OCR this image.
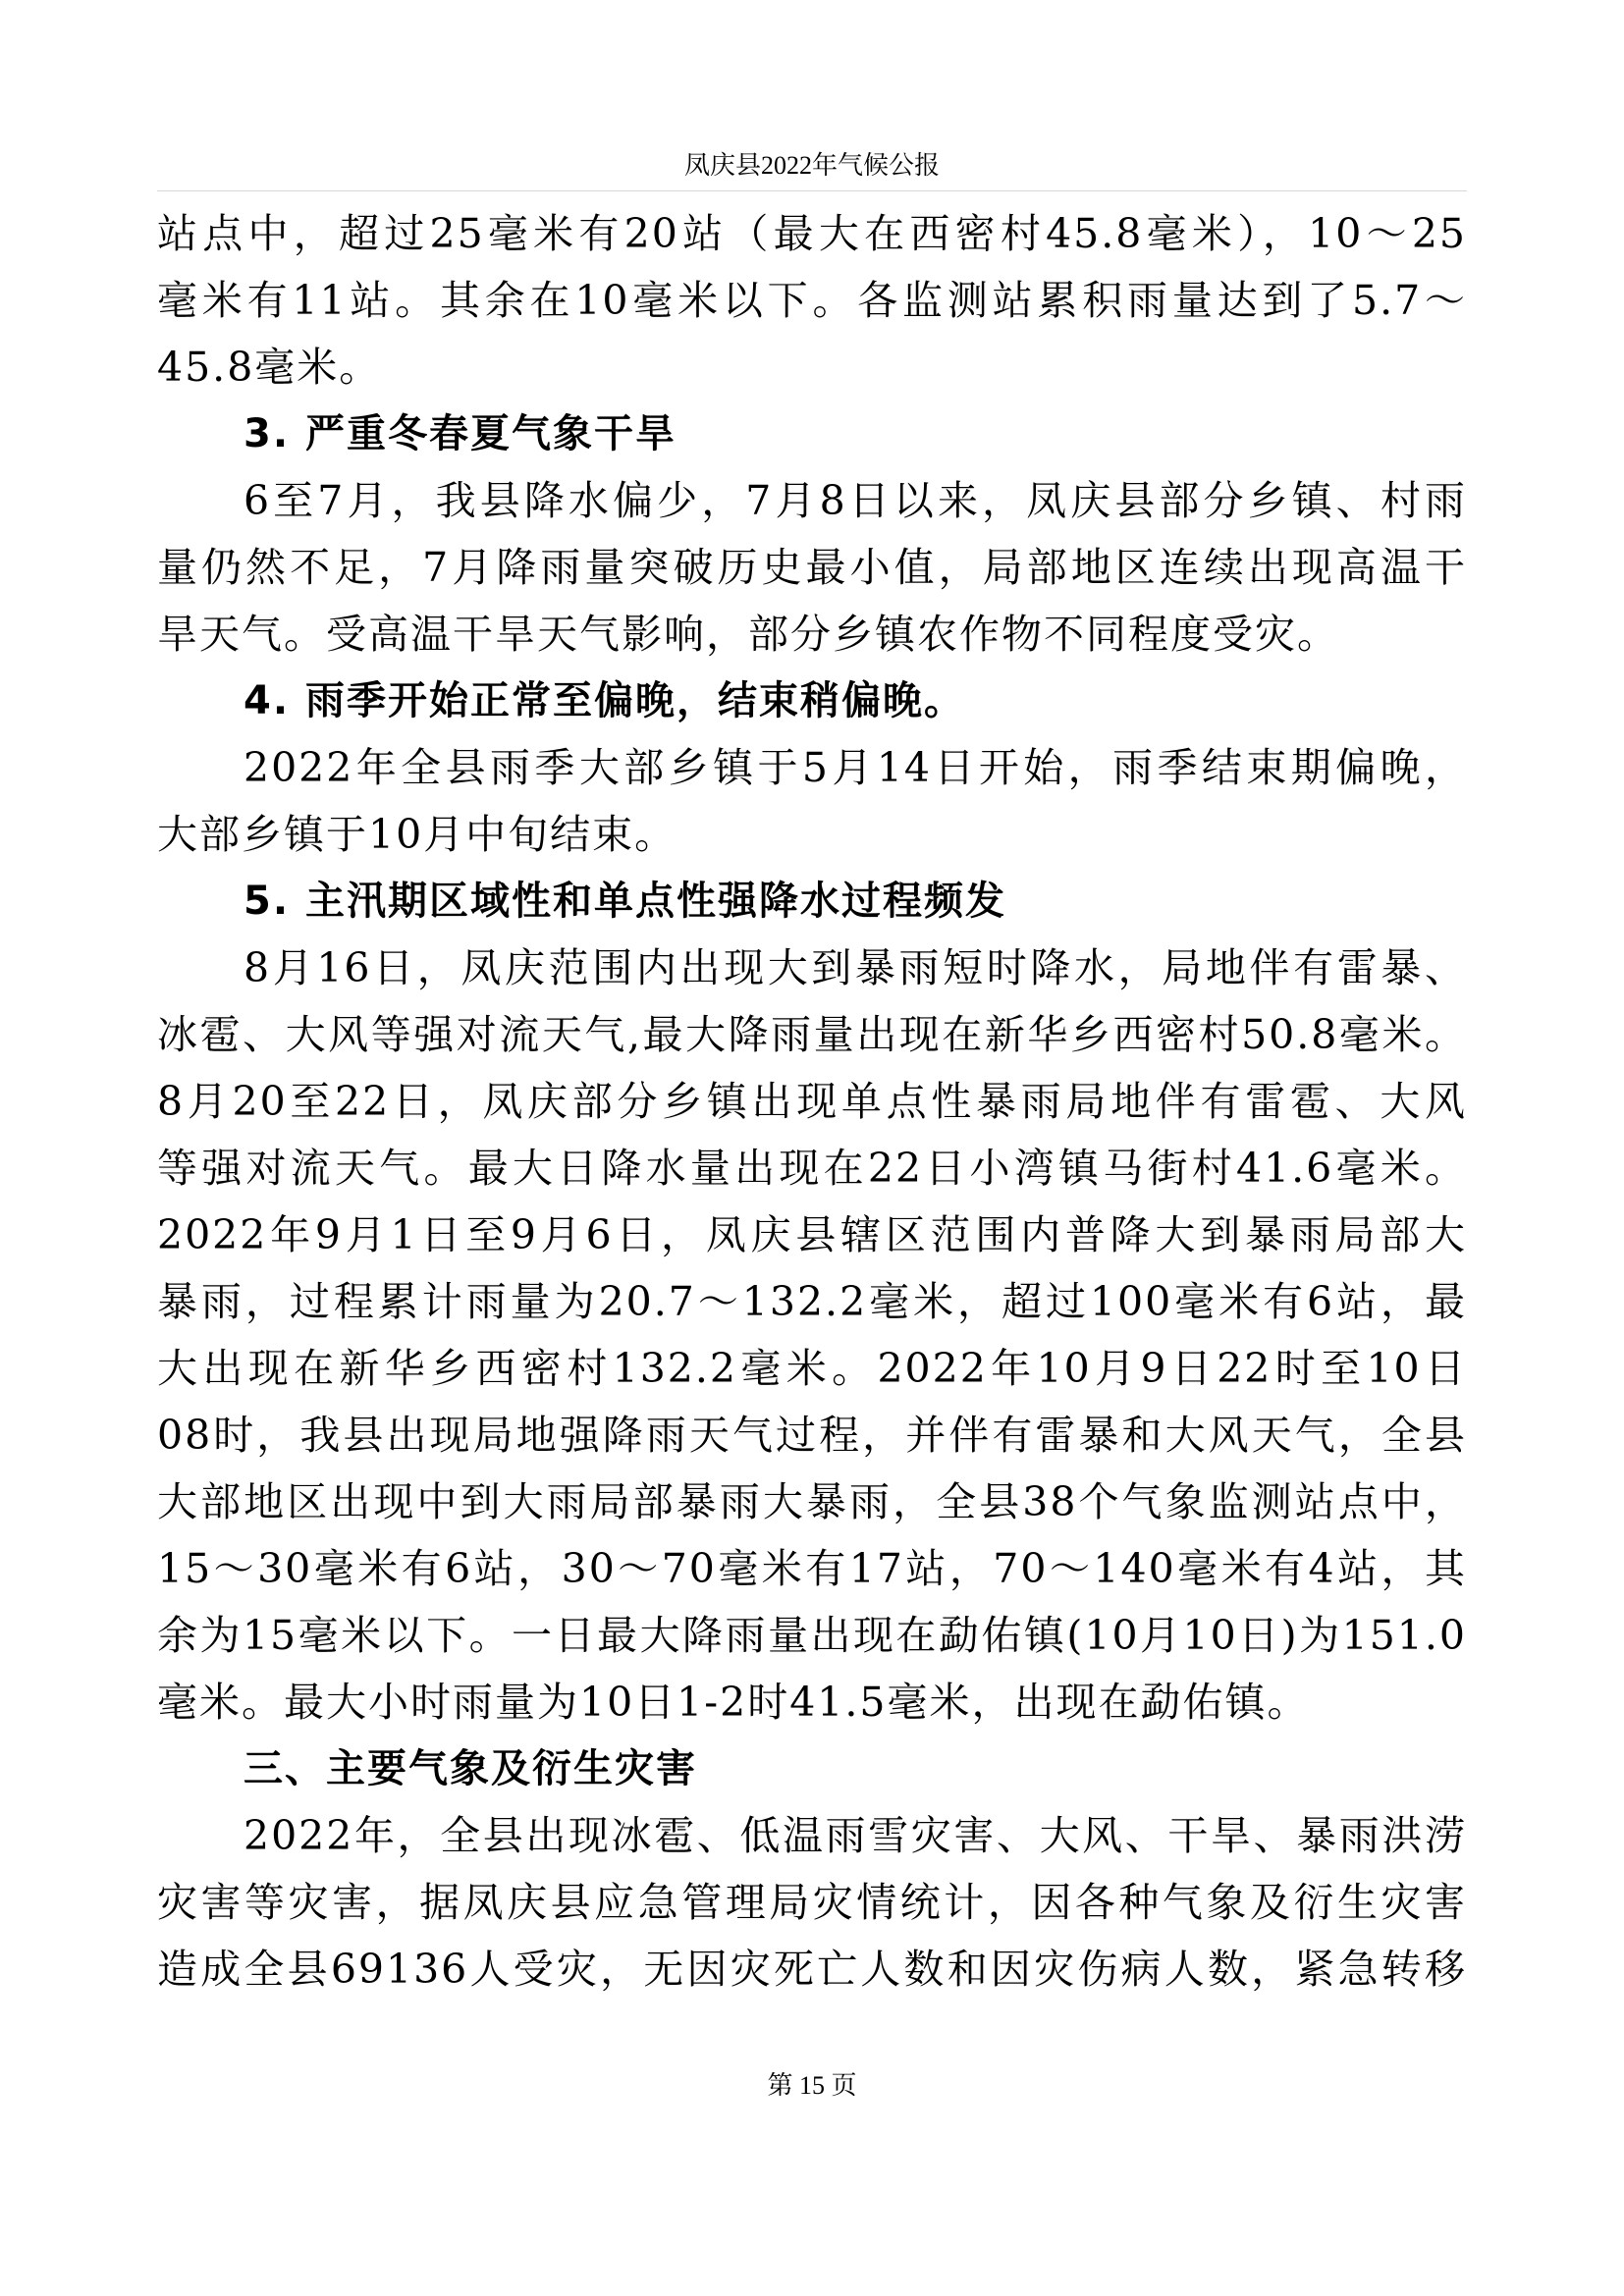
凤庆县2022年气候公报
站点中，超过25毫米有20站（最大在西密村45.8毫米），10～25
毫米有11站。其余在10毫米以下。各监测站累积雨量达到了5.7～
45.8毫米。
3. 严重冬春夏气象干旱
6至7月，我县降水偏少，7月8日以来，凤庆县部分乡镇、村雨
量仍然不足，7月降雨量突破历史最小值，局部地区连续出现高温干
旱天气。受高温干旱天气影响，部分乡镇农作物不同程度受灾。
4. 雨季开始正常至偏晚，结束稍偏晚。
2022年全县雨季大部乡镇于5月14日开始，雨季结束期偏晚，
大部乡镇于10月中旬结束。
5. 主汛期区域性和单点性强降水过程频发
8月16日，凤庆范围内出现大到暴雨短时降水，局地伴有雷暴、
冰雹、大风等强对流天气,最大降雨量出现在新华乡西密村50.8毫米。
8月20至22日，凤庆部分乡镇出现单点性暴雨局地伴有雷雹、大风
等强对流天气。最大日降水量出现在22日小湾镇马街村41.6毫米。
2022年9月1日至9月6日，凤庆县辖区范围内普降大到暴雨局部大
暴雨，过程累计雨量为20.7～132.2毫米，超过100毫米有6站，最
大出现在新华乡西密村132.2毫米。2022年10月9日22时至10日
08时，我县出现局地强降雨天气过程，并伴有雷暴和大风天气，全县
大部地区出现中到大雨局部暴雨大暴雨，全县38个气象监测站点中，
15～30毫米有6站，30～70毫米有17站，70～140毫米有4站，其
余为15毫米以下。一日最大降雨量出现在勐佑镇(10月10日)为151.0
毫米。最大小时雨量为10日1-2时41.5毫米，出现在勐佑镇。
三、主要气象及衍生灾害
2022年，全县出现冰雹、低温雨雪灾害、大风、干旱、暴雨洪涝
灾害等灾害，据凤庆县应急管理局灾情统计，因各种气象及衍生灾害
造成全县69136人受灾，无因灾死亡人数和因灾伤病人数，紧急转移
第 15 页
